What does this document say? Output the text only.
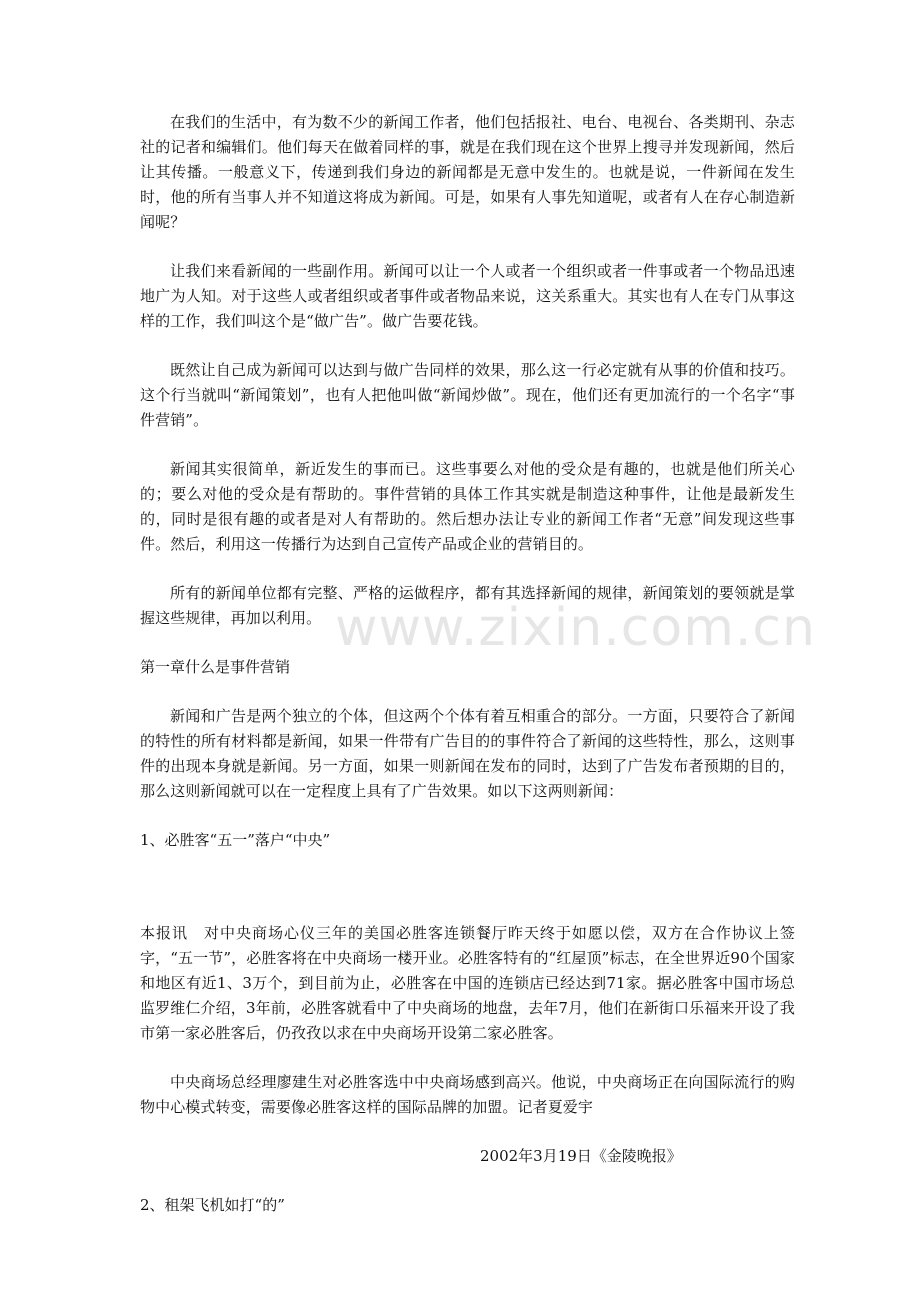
www.zixin.com.cn

在我们的生活中，有为数不少的新闻工作者，他们包括报社、电台、电视台、各类期刊、杂志社的记者和编辑们。他们每天在做着同样的事，就是在我们现在这个世界上搜寻并发现新闻，然后让其传播。一般意义下，传递到我们身边的新闻都是无意中发生的。也就是说，一件新闻在发生时，他的所有当事人并不知道这将成为新闻。可是，如果有人事先知道呢，或者有人在存心制造新闻呢？

让我们来看新闻的一些副作用。新闻可以让一个人或者一个组织或者一件事或者一个物品迅速地广为人知。对于这些人或者组织或者事件或者物品来说，这关系重大。其实也有人在专门从事这样的工作，我们叫这个是“做广告”。做广告要花钱。

既然让自己成为新闻可以达到与做广告同样的效果，那么这一行必定就有从事的价值和技巧。这个行当就叫“新闻策划”，也有人把他叫做“新闻炒做”。现在，他们还有更加流行的一个名字“事件营销”。

新闻其实很简单，新近发生的事而已。这些事要么对他的受众是有趣的，也就是他们所关心的；要么对他的受众是有帮助的。事件营销的具体工作其实就是制造这种事件，让他是最新发生的，同时是很有趣的或者是对人有帮助的。然后想办法让专业的新闻工作者“无意”间发现这些事件。然后，利用这一传播行为达到自己宣传产品或企业的营销目的。

所有的新闻单位都有完整、严格的运做程序，都有其选择新闻的规律，新闻策划的要领就是掌握这些规律，再加以利用。

第一章什么是事件营销

新闻和广告是两个独立的个体，但这两个个体有着互相重合的部分。一方面，只要符合了新闻的特性的所有材料都是新闻，如果一件带有广告目的的事件符合了新闻的这些特性，那么，这则事件的出现本身就是新闻。另一方面，如果一则新闻在发布的同时，达到了广告发布者预期的目的，那么这则新闻就可以在一定程度上具有了广告效果。如以下这两则新闻：

1、必胜客“五一”落户“中央”

本报讯　对中央商场心仪三年的美国必胜客连锁餐厅昨天终于如愿以偿，双方在合作协议上签字，“五一节”，必胜客将在中央商场一楼开业。必胜客特有的“红屋顶”标志，在全世界近90个国家和地区有近1、3万个，到目前为止，必胜客在中国的连锁店已经达到71家。据必胜客中国市场总监罗维仁介绍，3年前，必胜客就看中了中央商场的地盘，去年7月，他们在新街口乐福来开设了我市第一家必胜客后，仍孜孜以求在中央商场开设第二家必胜客。

中央商场总经理廖建生对必胜客选中中央商场感到高兴。他说，中央商场正在向国际流行的购物中心模式转变，需要像必胜客这样的国际品牌的加盟。记者夏爱宇

2002年3月19日《金陵晚报》

2、租架飞机如打“的”
